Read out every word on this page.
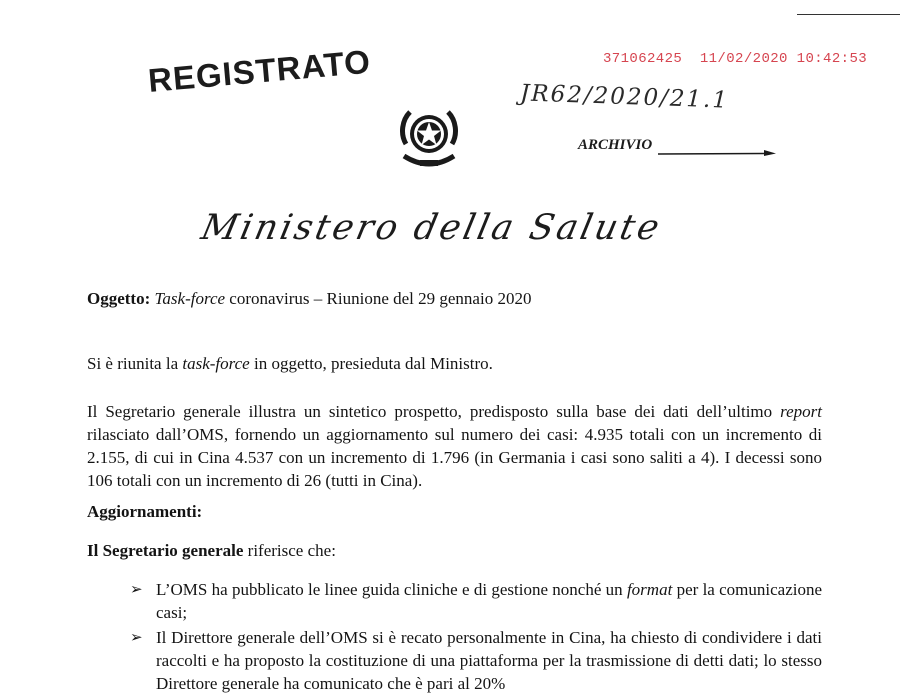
REGISTRATO	371062425 11/02/2020 10:42:53
JR62/2020/21.1
ARCHIVIO
Ministero della Salute
Oggetto: Task-force coronavirus – Riunione del 29 gennaio 2020
Si è riunita la task-force in oggetto, presieduta dal Ministro.
Il Segretario generale illustra un sintetico prospetto, predisposto sulla base dei dati dell’ultimo report rilasciato dall’OMS, fornendo un aggiornamento sul numero dei casi: 4.935 totali con un incremento di 2.155, di cui in Cina 4.537 con un incremento di 1.796 (in Germania i casi sono saliti a 4). I decessi sono 106 totali con un incremento di 26 (tutti in Cina).
Aggiornamenti:
Il Segretario generale riferisce che:
➢ L’OMS ha pubblicato le linee guida cliniche e di gestione nonché un format per la comunicazione casi;
➢ Il Direttore generale dell’OMS si è recato personalmente in Cina, ha chiesto di condividere i dati raccolti e ha proposto la costituzione di una piattaforma per la trasmissione di detti dati; lo stesso Direttore generale ha comunicato che è pari al 20%
